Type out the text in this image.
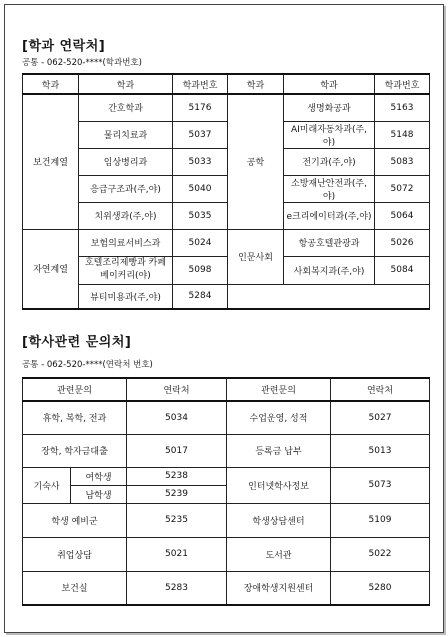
[학과 연락처]
공통 - 062-520-****(학과번호)
학과	학과	학과번호	학과	학과	학과번호
보건계열	간호학과	5176	공학	생명화공과	5163
	물리치료과	5037		AI미래자동차과(주,야)	5148
	임상병리과	5033		전기과(주,야)	5083
	응급구조과(주,야)	5040		소방재난안전과(주,야)	5072
	치위생과(주,야)	5035		e크리에이터과(주,야)	5064
자연계열	보험의료서비스과	5024	인문사회	항공호텔관광과	5026
	호텔조리제빵과 카페베이커리(야)	5098		사회복지과(주,야)	5084
	뷰티미용과(주,야)	5284			
[학사관련 문의처]
공통 - 062-520-****(연락처 번호)
관련문의		연락처	관련문의	연락처
휴학, 복학, 전과		5034	수업운영, 성적	5027
장학, 학자금대출		5017	등록금 납부	5013
기숙사	여학생	5238	인터넷학사정보	5073
	남학생	5239		
학생 예비군		5235	학생상담센터	5109
취업상담		5021	도서관	5022
보건실		5283	장애학생지원센터	5280
